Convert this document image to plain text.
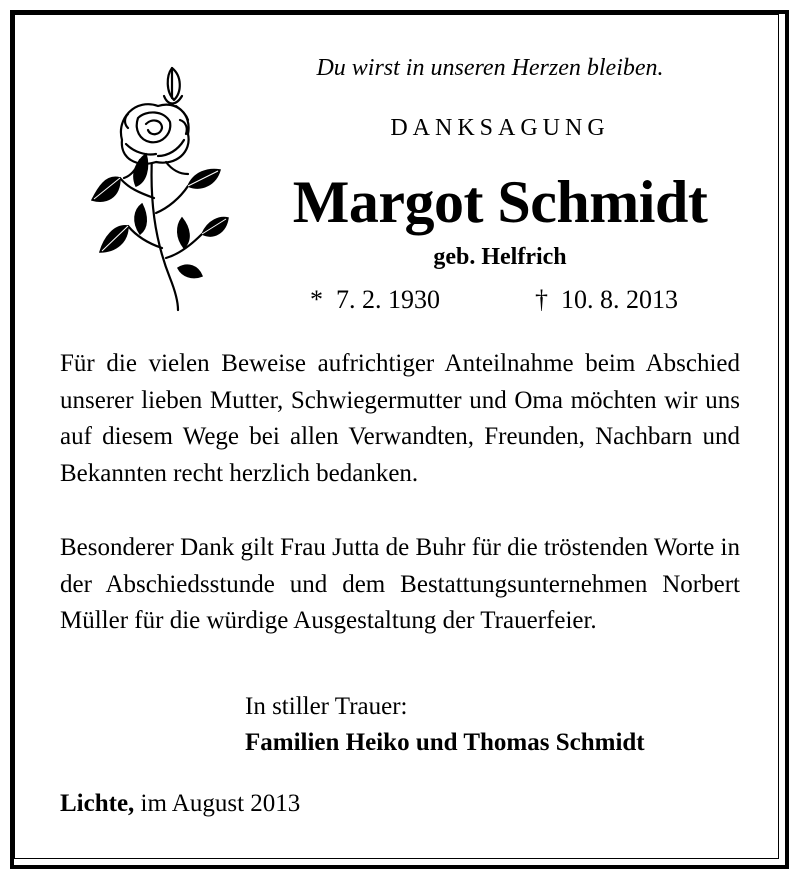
Du wirst in unseren Herzen bleiben.
DANKSAGUNG
Margot Schmidt
geb. Helfrich
*  7. 2. 1930	†  10. 8. 2013
Für die vielen Beweise aufrichtiger Anteilnahme beim Abschied unserer lieben Mutter, Schwiegermutter und Oma möchten wir uns auf diesem Wege bei allen Verwandten, Freunden, Nachbarn und Bekannten recht herzlich bedanken.
Besonderer Dank gilt Frau Jutta de Buhr für die tröstenden Worte in der Abschiedsstunde und dem Bestattungsunternehmen Norbert Müller für die würdige Ausgestaltung der Trauerfeier.
In stiller Trauer:
Familien Heiko und Thomas Schmidt
Lichte, im August 2013
